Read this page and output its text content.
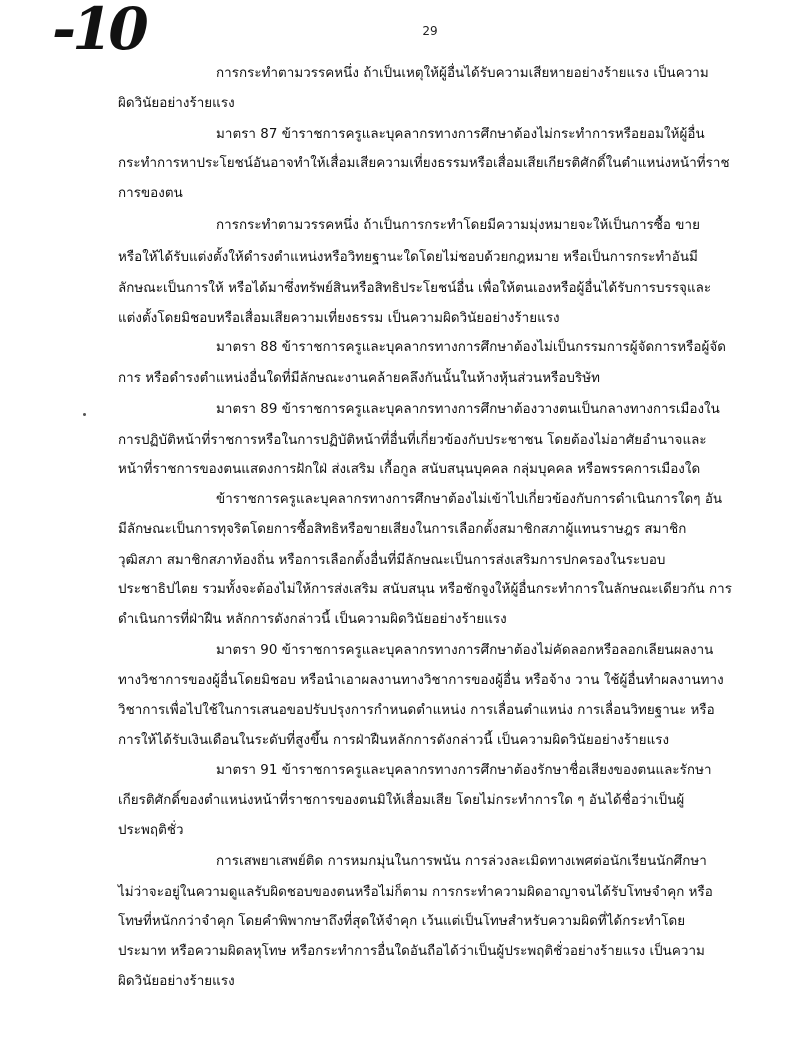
-10	29
การกระทำตามวรรคหนึ่ง ถ้าเป็นเหตุให้ผู้อื่นได้รับความเสียหายอย่างร้ายแรง เป็นความ
ผิดวินัยอย่างร้ายแรง
มาตรา 87 ข้าราชการครูและบุคลากรทางการศึกษาต้องไม่กระทำการหรือยอมให้ผู้อื่น
กระทำการหาประโยชน์อันอาจทำให้เสื่อมเสียความเที่ยงธรรมหรือเสื่อมเสียเกียรติศักดิ์ในตำแหน่งหน้าที่ราช
การของตน
การกระทำตามวรรคหนึ่ง ถ้าเป็นการกระทำโดยมีความมุ่งหมายจะให้เป็นการซื้อ ขาย
หรือให้ได้รับแต่งตั้งให้ดำรงตำแหน่งหรือวิทยฐานะใดโดยไม่ชอบด้วยกฎหมาย หรือเป็นการกระทำอันมี
ลักษณะเป็นการให้ หรือได้มาซึ่งทรัพย์สินหรือสิทธิประโยชน์อื่น เพื่อให้ตนเองหรือผู้อื่นได้รับการบรรจุและ
แต่งตั้งโดยมิชอบหรือเสื่อมเสียความเที่ยงธรรม เป็นความผิดวินัยอย่างร้ายแรง
มาตรา 88 ข้าราชการครูและบุคลากรทางการศึกษาต้องไม่เป็นกรรมการผู้จัดการหรือผู้จัด
การ หรือดำรงตำแหน่งอื่นใดที่มีลักษณะงานคล้ายคลึงกันนั้นในห้างหุ้นส่วนหรือบริษัท
มาตรา 89 ข้าราชการครูและบุคลากรทางการศึกษาต้องวางตนเป็นกลางทางการเมืองใน
การปฏิบัติหน้าที่ราชการหรือในการปฏิบัติหน้าที่อื่นที่เกี่ยวข้องกับประชาชน โดยต้องไม่อาศัยอำนาจและ
หน้าที่ราชการของตนแสดงการฝักใฝ่ ส่งเสริม เกื้อกูล สนับสนุนบุคคล กลุ่มบุคคล หรือพรรคการเมืองใด
ข้าราชการครูและบุคลากรทางการศึกษาต้องไม่เข้าไปเกี่ยวข้องกับการดำเนินการใดๆ อัน
มีลักษณะเป็นการทุจริตโดยการซื้อสิทธิหรือขายเสียงในการเลือกตั้งสมาชิกสภาผู้แทนราษฎร สมาชิก
วุฒิสภา สมาชิกสภาท้องถิ่น หรือการเลือกตั้งอื่นที่มีลักษณะเป็นการส่งเสริมการปกครองในระบอบ
ประชาธิปไตย รวมทั้งจะต้องไม่ให้การส่งเสริม สนับสนุน หรือชักจูงให้ผู้อื่นกระทำการในลักษณะเดียวกัน การ
ดำเนินการที่ฝ่าฝืน หลักการดังกล่าวนี้ เป็นความผิดวินัยอย่างร้ายแรง
มาตรา 90 ข้าราชการครูและบุคลากรทางการศึกษาต้องไม่คัดลอกหรือลอกเลียนผลงาน
ทางวิชาการของผู้อื่นโดยมิชอบ หรือนำเอาผลงานทางวิชาการของผู้อื่น หรือจ้าง วาน ใช้ผู้อื่นทำผลงานทาง
วิชาการเพื่อไปใช้ในการเสนอขอปรับปรุงการกำหนดตำแหน่ง การเลื่อนตำแหน่ง การเลื่อนวิทยฐานะ หรือ
การให้ได้รับเงินเดือนในระดับที่สูงขึ้น การฝ่าฝืนหลักการดังกล่าวนี้ เป็นความผิดวินัยอย่างร้ายแรง
มาตรา 91 ข้าราชการครูและบุคลากรทางการศึกษาต้องรักษาชื่อเสียงของตนและรักษา
เกียรติศักดิ์ของตำแหน่งหน้าที่ราชการของตนมิให้เสื่อมเสีย โดยไม่กระทำการใด ๆ อันได้ชื่อว่าเป็นผู้
ประพฤติชั่ว
การเสพยาเสพย์ติด การหมกมุ่นในการพนัน การล่วงละเมิดทางเพศต่อนักเรียนนักศึกษา
ไม่ว่าจะอยู่ในความดูแลรับผิดชอบของตนหรือไม่ก็ตาม การกระทำความผิดอาญาจนได้รับโทษจำคุก หรือ
โทษที่หนักกว่าจำคุก โดยคำพิพากษาถึงที่สุดให้จำคุก เว้นแต่เป็นโทษสำหรับความผิดที่ได้กระทำโดย
ประมาท หรือความผิดลหุโทษ หรือกระทำการอื่นใดอันถือได้ว่าเป็นผู้ประพฤติชั่วอย่างร้ายแรง เป็นความ
ผิดวินัยอย่างร้ายแรง
